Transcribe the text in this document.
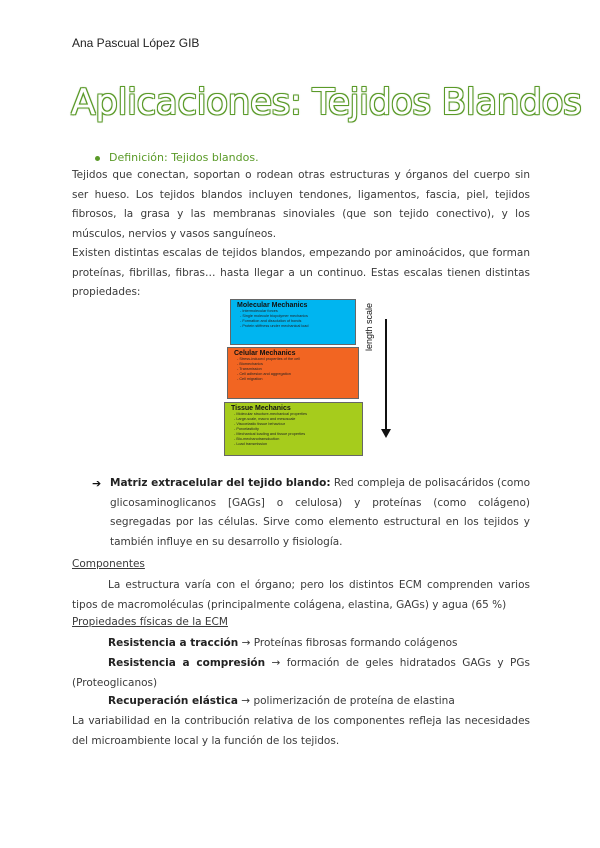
Ana Pascual López GIB
Aplicaciones: Tejidos Blandos
Definición: Tejidos blandos.
Tejidos que conectan, soportan o rodean otras estructuras y órganos del cuerpo sin ser hueso. Los tejidos blandos incluyen tendones, ligamentos, fascia, piel, tejidos fibrosos, la grasa y las membranas sinoviales (que son tejido conectivo), y los músculos, nervios y vasos sanguíneos.
Existen distintas escalas de tejidos blandos, empezando por aminoácidos, que forman proteínas, fibrillas, fibras… hasta llegar a un continuo. Estas escalas tienen distintas propiedades:
Molecular Mechanics
- Intermolecular forces
- Single molecule biopolymer mechanics
- Formation and dissolution of bonds
- Protein stiffness under mechanical load
Celular Mechanics
- Stress-induced properties of the cell
- Biomechanics
- Transmission
- Cell adhesion and aggregation
- Cell migration
Tissue Mechanics
- Molecular structure-mechanical properties
- Large-scale, macro and mesoscale
- Viscoelastic tissue behaviour
- Poroelasticity
- Mechanical loading and tissue properties
- Bio-mechanotransduction
- Load transmission
length scale
➔ Matriz extracelular del tejido blando: Red compleja de polisacáridos (como glicosaminoglicanos [GAGs] o celulosa) y proteínas (como colágeno) segregadas por las células. Sirve como elemento estructural en los tejidos y también influye en su desarrollo y fisiología.
Componentes
La estructura varía con el órgano; pero los distintos ECM comprenden varios tipos de macromoléculas (principalmente colágena, elastina, GAGs) y agua (65 %)
Propiedades físicas de la ECM
Resistencia a tracción → Proteínas fibrosas formando colágenos
Resistencia a compresión → formación de geles hidratados GAGs y PGs (Proteoglicanos)
Recuperación elástica → polimerización de proteína de elastina
La variabilidad en la contribución relativa de los componentes refleja las necesidades del microambiente local y la función de los tejidos.
